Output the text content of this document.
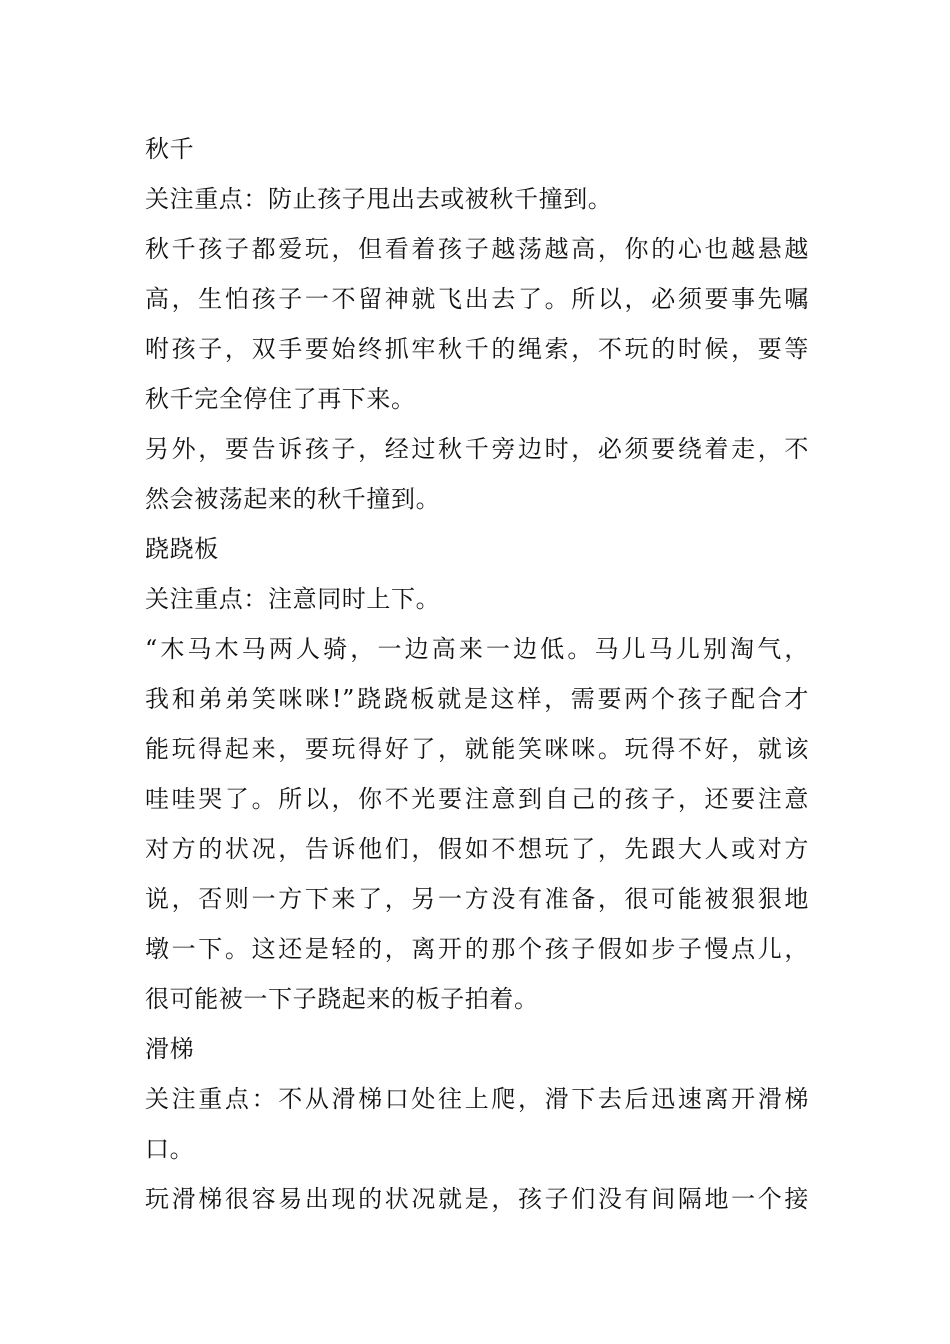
秋千
关注重点：防止孩子甩出去或被秋千撞到。
秋千孩子都爱玩，但看着孩子越荡越高，你的心也越悬越
高，生怕孩子一不留神就飞出去了。所以，必须要事先嘱
咐孩子，双手要始终抓牢秋千的绳索，不玩的时候，要等
秋千完全停住了再下来。
另外，要告诉孩子，经过秋千旁边时，必须要绕着走，不
然会被荡起来的秋千撞到。
跷跷板
关注重点：注意同时上下。
“木马木马两人骑，一边高来一边低。马儿马儿别淘气，
我和弟弟笑咪咪!”跷跷板就是这样，需要两个孩子配合才
能玩得起来，要玩得好了，就能笑咪咪。玩得不好，就该
哇哇哭了。所以，你不光要注意到自己的孩子，还要注意
对方的状况，告诉他们，假如不想玩了，先跟大人或对方
说，否则一方下来了，另一方没有准备，很可能被狠狠地
墩一下。这还是轻的，离开的那个孩子假如步子慢点儿，
很可能被一下子跷起来的板子拍着。
滑梯
关注重点：不从滑梯口处往上爬，滑下去后迅速离开滑梯
口。
玩滑梯很容易出现的状况就是，孩子们没有间隔地一个接
